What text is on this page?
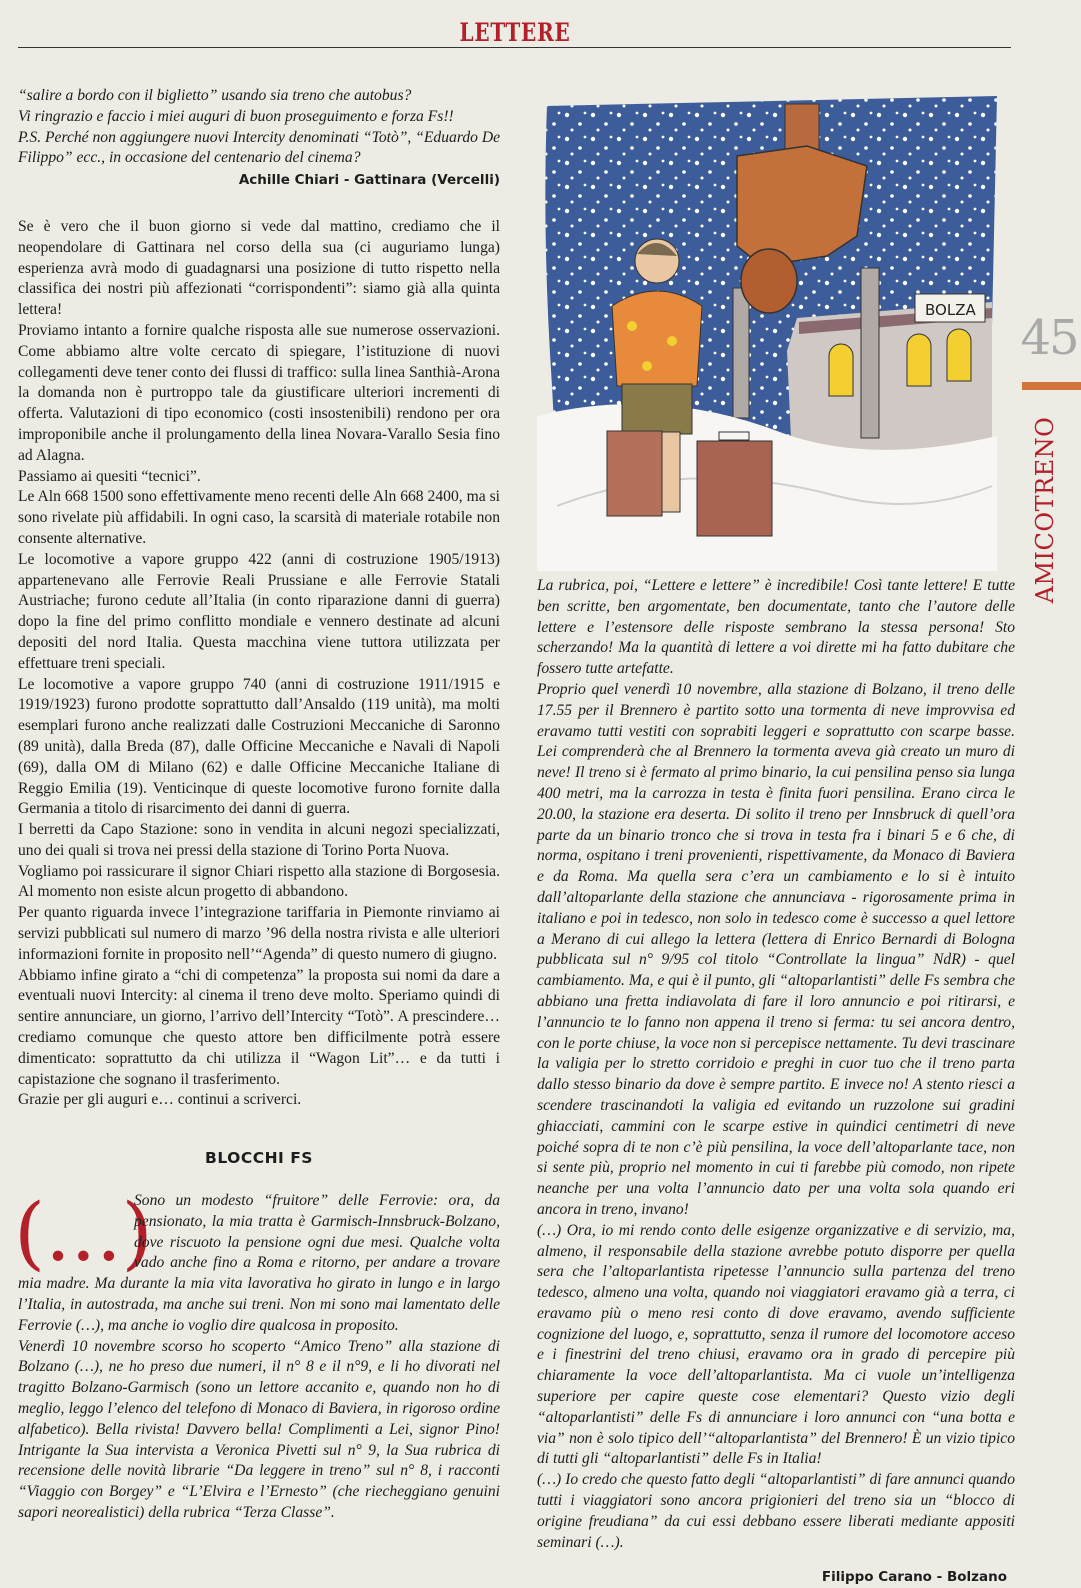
LETTERE

“salire a bordo con il biglietto” usando sia treno che autobus?

Vi ringrazio e faccio i miei auguri di buon proseguimento e forza Fs!!

P.S. Perché non aggiungere nuovi Intercity denominati “Totò”, “Eduardo De Filippo” ecc., in occasione del centenario del cinema?

Achille Chiari - Gattinara (Vercelli)

Se è vero che il buon giorno si vede dal mattino, crediamo che il neopendolare di Gattinara nel corso della sua (ci auguriamo lunga) esperienza avrà modo di guadagnarsi una posizione di tutto rispetto nella classifica dei nostri più affezionati “corrispondenti”: siamo già alla quinta lettera!

Proviamo intanto a fornire qualche risposta alle sue numerose osservazioni. Come abbiamo altre volte cercato di spiegare, l’istituzione di nuovi collegamenti deve tener conto dei flussi di traffico: sulla linea Santhià-Arona la domanda non è purtroppo tale da giustificare ulteriori incrementi di offerta. Valutazioni di tipo economico (costi insostenibili) rendono per ora improponibile anche il prolungamento della linea Novara-Varallo Sesia fino ad Alagna.

Passiamo ai quesiti “tecnici”.

Le Aln 668 1500 sono effettivamente meno recenti delle Aln 668 2400, ma si sono rivelate più affidabili. In ogni caso, la scarsità di materiale rotabile non consente alternative.

Le locomotive a vapore gruppo 422 (anni di costruzione 1905/1913) appartenevano alle Ferrovie Reali Prussiane e alle Ferrovie Statali Austriache; furono cedute all’Italia (in conto riparazione danni di guerra) dopo la fine del primo conflitto mondiale e vennero destinate ad alcuni depositi del nord Italia. Questa macchina viene tuttora utilizzata per effettuare treni speciali.

Le locomotive a vapore gruppo 740 (anni di costruzione 1911/1915 e 1919/1923) furono prodotte soprattutto dall’Ansaldo (119 unità), ma molti esemplari furono anche realizzati dalle Costruzioni Meccaniche di Saronno (89 unità), dalla Breda (87), dalle Officine Meccaniche e Navali di Napoli (69), dalla OM di Milano (62) e dalle Officine Meccaniche Italiane di Reggio Emilia (19). Venticinque di queste locomotive furono fornite dalla Germania a titolo di risarcimento dei danni di guerra.

I berretti da Capo Stazione: sono in vendita in alcuni negozi specializzati, uno dei quali si trova nei pressi della stazione di Torino Porta Nuova.

Vogliamo poi rassicurare il signor Chiari rispetto alla stazione di Borgosesia. Al momento non esiste alcun progetto di abbandono.

Per quanto riguarda invece l’integrazione tariffaria in Piemonte rinviamo ai servizi pubblicati sul numero di marzo ’96 della nostra rivista e alle ulteriori informazioni fornite in proposito nell’“Agenda” di questo numero di giugno.

Abbiamo infine girato a “chi di competenza” la proposta sui nomi da dare a eventuali nuovi Intercity: al cinema il treno deve molto. Speriamo quindi di sentire annunciare, un giorno, l’arrivo dell’Intercity “Totò”. A prescindere… crediamo comunque che questo attore ben difficilmente potrà essere dimenticato: soprattutto da chi utilizza il “Wagon Lit”… e da tutti i capistazione che sognano il trasferimento.

Grazie per gli auguri e… continui a scriverci.

BLOCCHI FS
(...)

Sono un modesto “fruitore” delle Ferrovie: ora, da pensionato, la mia tratta è Garmisch-Innsbruck-Bolzano, dove riscuoto la pensione ogni due mesi. Qualche volta vado anche fino a Roma e ritorno, per andare a trovare mia madre. Ma durante la mia vita lavorativa ho girato in lungo e in largo l’Italia, in autostrada, ma anche sui treni. Non mi sono mai lamentato delle Ferrovie (…), ma anche io voglio dire qualcosa in proposito.

Venerdì 10 novembre scorso ho scoperto “Amico Treno” alla stazione di Bolzano (…), ne ho preso due numeri, il n° 8 e il n°9, e li ho divorati nel tragitto Bolzano-Garmisch (sono un lettore accanito e, quando non ho di meglio, leggo l’elenco del telefono di Monaco di Baviera, in rigoroso ordine alfabetico). Bella rivista! Davvero bella! Complimenti a Lei, signor Pino! Intrigante la Sua intervista a Veronica Pivetti sul n° 9, la Sua rubrica di recensione delle novità librarie “Da leggere in treno” sul n° 8, i racconti “Viaggio con Borgey” e “L’Elvira e l’Ernesto” (che riecheggiano genuini sapori neorealistici) della rubrica “Terza Classe”.

BOLZA 45
AMICOTRENO

La rubrica, poi, “Lettere e lettere” è incredibile! Così tante lettere! E tutte ben scritte, ben argomentate, ben documentate, tanto che l’autore delle lettere e l’estensore delle risposte sembrano la stessa persona! Sto scherzando! Ma la quantità di lettere a voi dirette mi ha fatto dubitare che fossero tutte artefatte.

Proprio quel venerdì 10 novembre, alla stazione di Bolzano, il treno delle 17.55 per il Brennero è partito sotto una tormenta di neve improvvisa ed eravamo tutti vestiti con soprabiti leggeri e soprattutto con scarpe basse. Lei comprenderà che al Brennero la tormenta aveva già creato un muro di neve! Il treno si è fermato al primo binario, la cui pensilina penso sia lunga 400 metri, ma la carrozza in testa è finita fuori pensilina. Erano circa le 20.00, la stazione era deserta. Di solito il treno per Innsbruck di quell’ora parte da un binario tronco che si trova in testa fra i binari 5 e 6 che, di norma, ospitano i treni provenienti, rispettivamente, da Monaco di Baviera e da Roma. Ma quella sera c’era un cambiamento e lo si è intuito dall’altoparlante della stazione che annunciava - rigorosamente prima in italiano e poi in tedesco, non solo in tedesco come è successo a quel lettore a Merano di cui allego la lettera (lettera di Enrico Bernardi di Bologna pubblicata sul n° 9/95 col titolo “Controllate la lingua” NdR) - quel cambiamento. Ma, e qui è il punto, gli “altoparlantisti” delle Fs sembra che abbiano una fretta indiavolata di fare il loro annuncio e poi ritirarsi, e l’annuncio te lo fanno non appena il treno si ferma: tu sei ancora dentro, con le porte chiuse, la voce non si percepisce nettamente. Tu devi trascinare la valigia per lo stretto corridoio e preghi in cuor tuo che il treno parta dallo stesso binario da dove è sempre partito. E invece no! A stento riesci a scendere trascinandoti la valigia ed evitando un ruzzolone sui gradini ghiacciati, cammini con le scarpe estive in quindici centimetri di neve poiché sopra di te non c’è più pensilina, la voce dell’altoparlante tace, non si sente più, proprio nel momento in cui ti farebbe più comodo, non ripete neanche per una volta l’annuncio dato per una volta sola quando eri ancora in treno, invano!

(…) Ora, io mi rendo conto delle esigenze organizzative e di servizio, ma, almeno, il responsabile della stazione avrebbe potuto disporre per quella sera che l’altoparlantista ripetesse l’annuncio sulla partenza del treno tedesco, almeno una volta, quando noi viaggiatori eravamo già a terra, ci eravamo più o meno resi conto di dove eravamo, avendo sufficiente cognizione del luogo, e, soprattutto, senza il rumore del locomotore acceso e i finestrini del treno chiusi, eravamo ora in grado di percepire più chiaramente la voce dell’altoparlantista. Ma ci vuole un’intelligenza superiore per capire queste cose elementari? Questo vizio degli “altoparlantisti” delle Fs di annunciare i loro annunci con “una botta e via” non è solo tipico dell’“altoparlantista” del Brennero! È un vizio tipico di tutti gli “altoparlantisti” delle Fs in Italia!

(…) Io credo che questo fatto degli “altoparlantisti” di fare annunci quando tutti i viaggiatori sono ancora prigionieri del treno sia un “blocco di origine freudiana” da cui essi debbano essere liberati mediante appositi seminari (…).

Filippo Carano - Bolzano
